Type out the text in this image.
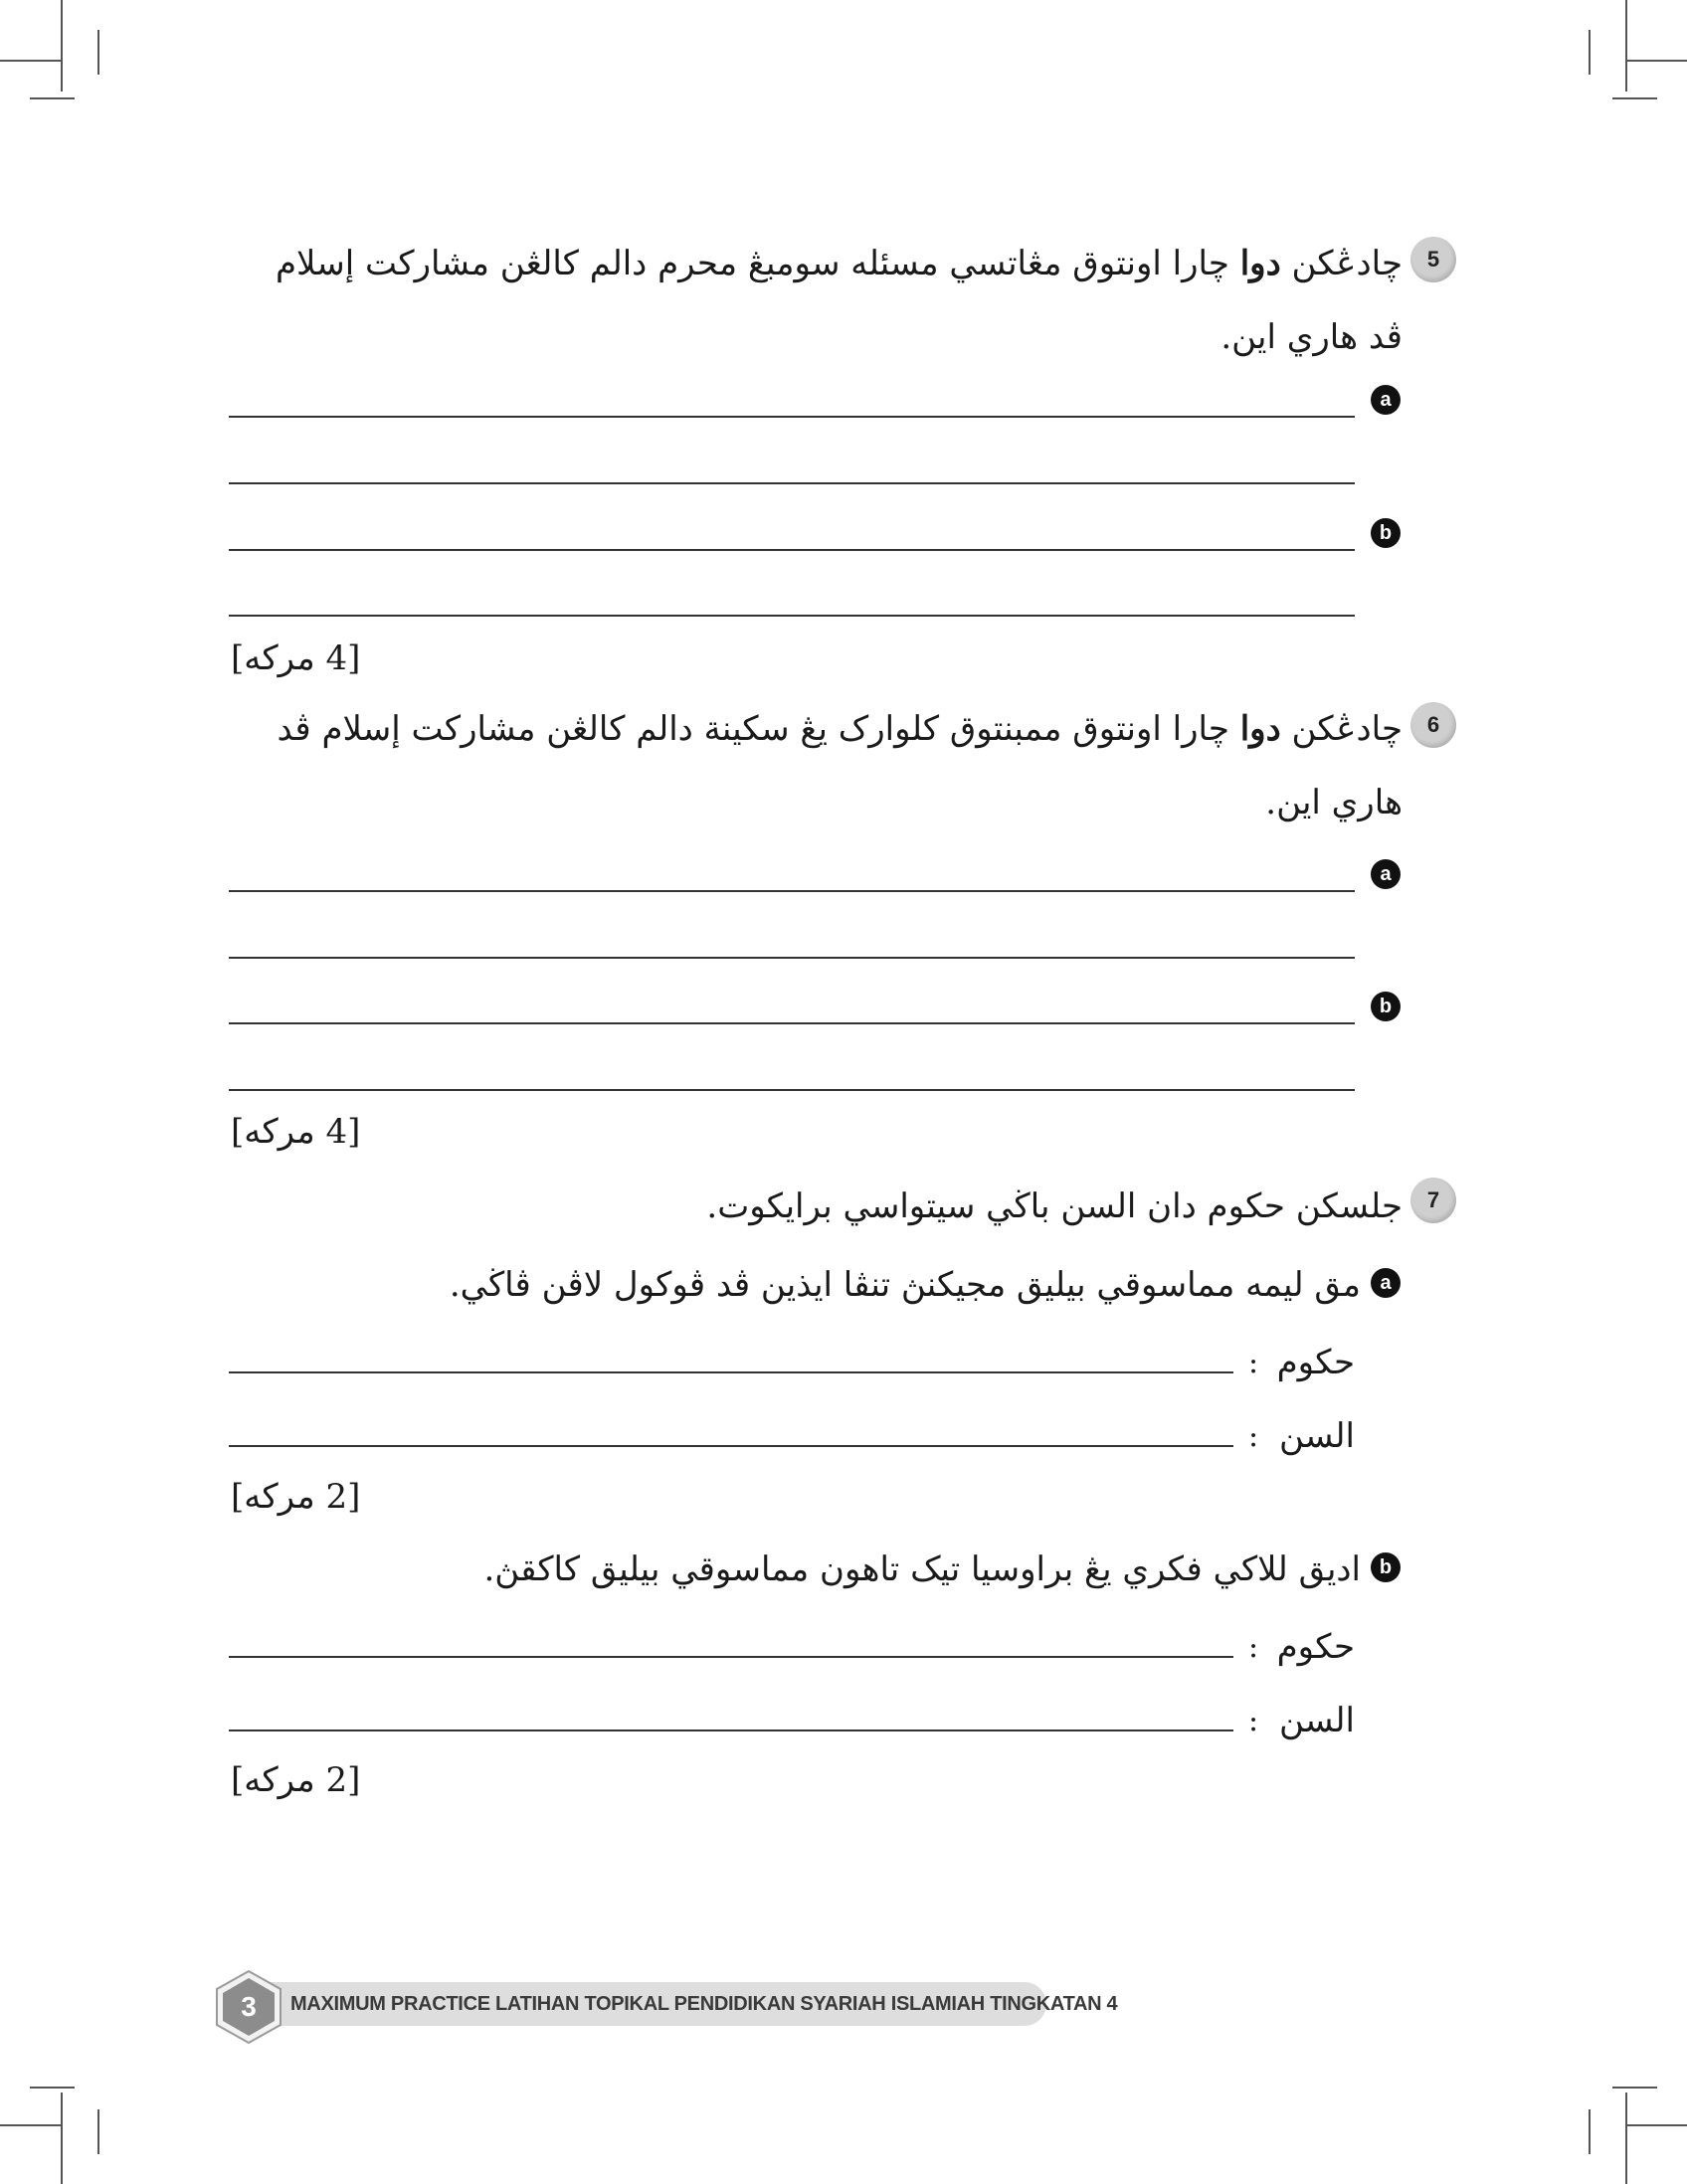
5
چادڠكن دوا چارا اونتوق مڠاتسي مسئله سومبڠ محرم دالم كالڠن مشاركت إسلام ڤد هاري اين.
a
b
[4 مركه]
6
چادڠكن دوا چارا اونتوق ممبنتوق كلوارک يڠ سكينة دالم كالڠن مشاركت إسلام ڤد هاري اين.
a
b
[4 مركه]
7
جلسكن حكوم دان السن باڬي سيتواسي برايكوت.
a
مق ليمه مماسوقي بيليق مجيكنڽ تنڤا ايذين ڤد ڤوكول لاڤن ڤاڬي.
: حكوم
: السن
[2 مركه]
b
اديق للاكي فكري يڠ براوسيا تيک تاهون مماسوقي بيليق كاكقڽ.
: حكوم
: السن
[2 مركه]
3 MAXIMUM PRACTICE LATIHAN TOPIKAL PENDIDIKAN SYARIAH ISLAMIAH TINGKATAN 4
